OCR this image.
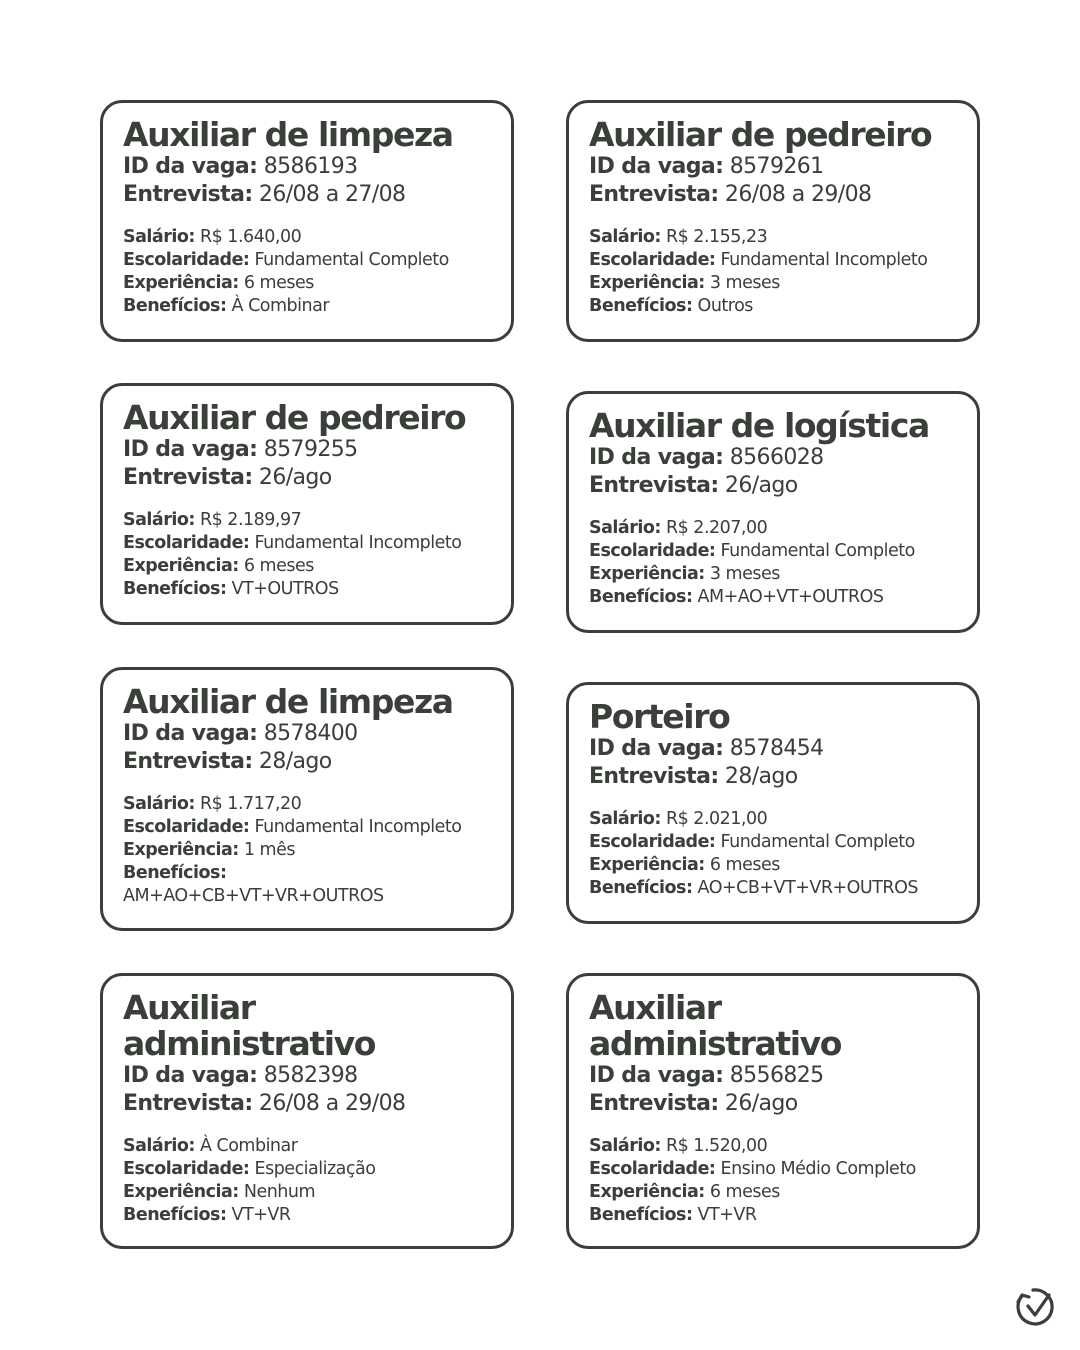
Auxiliar de limpeza
ID da vaga: 8586193
Entrevista: 26/08 a 27/08
Salário: R$ 1.640,00
Escolaridade: Fundamental Completo
Experiência: 6 meses
Benefícios: À Combinar
Auxiliar de pedreiro
ID da vaga: 8579261
Entrevista: 26/08 a 29/08
Salário: R$ 2.155,23
Escolaridade: Fundamental Incompleto
Experiência: 3 meses
Benefícios: Outros
Auxiliar de pedreiro
ID da vaga: 8579255
Entrevista: 26/ago
Salário: R$ 2.189,97
Escolaridade: Fundamental Incompleto
Experiência: 6 meses
Benefícios: VT+OUTROS
Auxiliar de logística
ID da vaga: 8566028
Entrevista: 26/ago
Salário: R$ 2.207,00
Escolaridade: Fundamental Completo
Experiência: 3 meses
Benefícios: AM+AO+VT+OUTROS
Auxiliar de limpeza
ID da vaga: 8578400
Entrevista: 28/ago
Salário: R$ 1.717,20
Escolaridade: Fundamental Incompleto
Experiência: 1 mês
Benefícios:
AM+AO+CB+VT+VR+OUTROS
Porteiro
ID da vaga: 8578454
Entrevista: 28/ago
Salário: R$ 2.021,00
Escolaridade: Fundamental Completo
Experiência: 6 meses
Benefícios: AO+CB+VT+VR+OUTROS
Auxiliar
administrativo
ID da vaga: 8582398
Entrevista: 26/08 a 29/08
Salário: À Combinar
Escolaridade: Especialização
Experiência: Nenhum
Benefícios: VT+VR
Auxiliar
administrativo
ID da vaga: 8556825
Entrevista: 26/ago
Salário: R$ 1.520,00
Escolaridade: Ensino Médio Completo
Experiência: 6 meses
Benefícios: VT+VR
